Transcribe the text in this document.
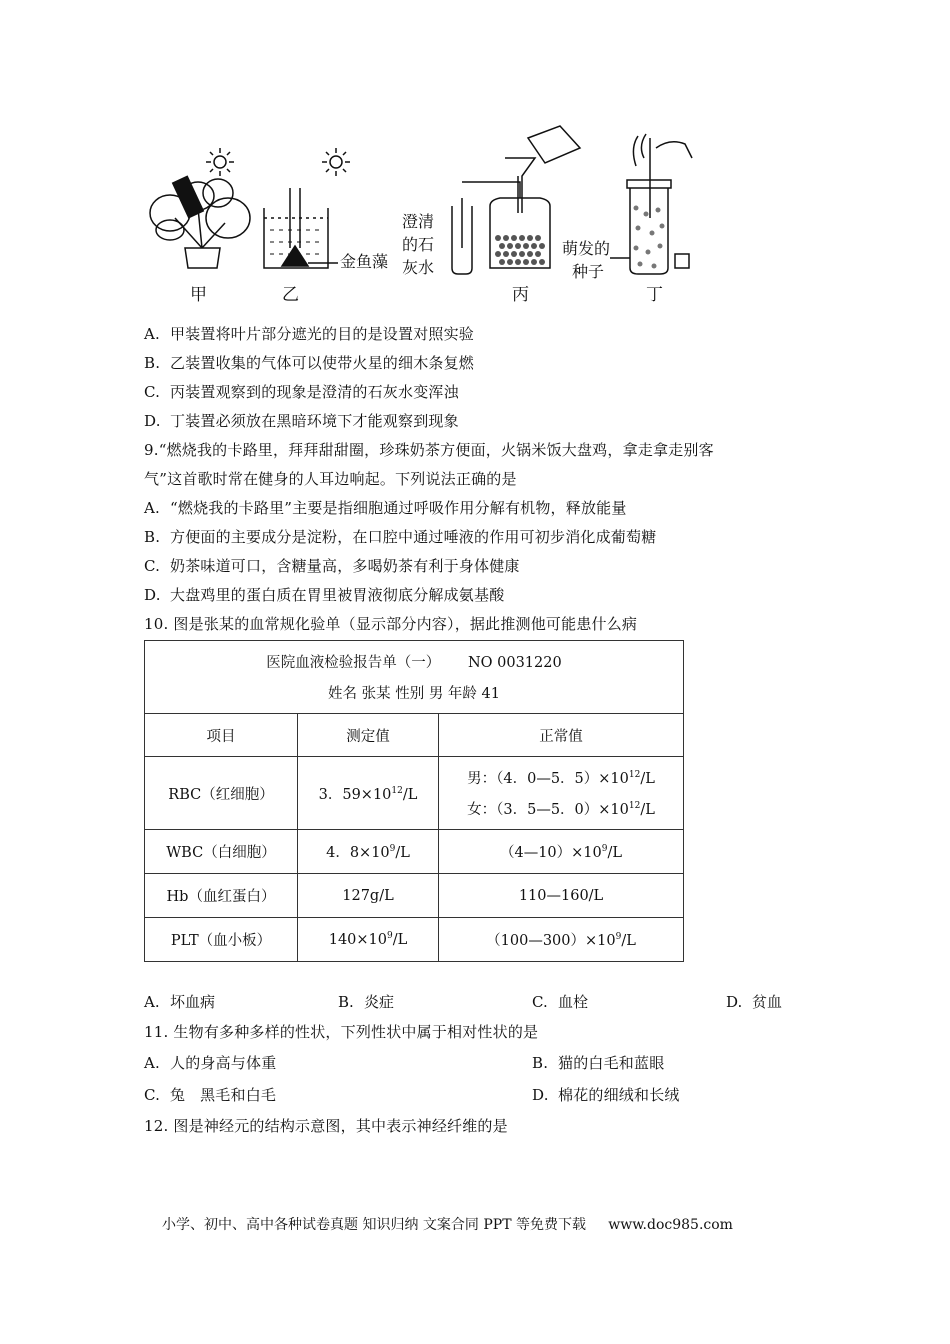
甲	乙	丙	丁
金鱼藻
澄清
的石
灰水
萌发的
种子
A. 甲装置将叶片部分遮光的目的是设置对照实验
B. 乙装置收集的气体可以使带火星的细木条复燃
C. 丙装置观察到的现象是澄清的石灰水变浑浊
D. 丁装置必须放在黑暗环境下才能观察到现象
9.“燃烧我的卡路里，拜拜甜甜圈，珍珠奶茶方便面，火锅米饭大盘鸡，拿走拿走别客
气”这首歌时常在健身的人耳边响起。下列说法正确的是
A. “燃烧我的卡路里”主要是指细胞通过呼吸作用分解有机物，释放能量
B. 方便面的主要成分是淀粉，在口腔中通过唾液的作用可初步消化成葡萄糖
C. 奶茶味道可口，含糖量高，多喝奶茶有利于身体健康
D. 大盘鸡里的蛋白质在胃里被胃液彻底分解成氨基酸
10. 图是张某的血常规化验单（显示部分内容），据此推测他可能患什么病
医院血液检验报告单（一） NO 0031220
姓名 张某 性别 男 年龄 41		

项目	测定值	正常值
RBC（红细胞）	3．$59\times 10^{12}/L$	男：（4．0—5．$5)\times 10^{12}/L$
女：（3．5—5．$0)\times 10^{12}/L$

WBC（白细胞）	4．$8\times 10^9/L$	$(4—10)\times 10^9/L$
Hb（血红蛋白）	127g/L	110—160/L
PLT（血小板）	$140\times 10^9/L$	$(100—300)\times 10^9/L$
A. 坏血病	B. 炎症	C. 血栓	D. 贫血
11. 生物有多种多样的性状，下列性状中属于相对性状的是
A. 人的身高与体重	B. 猫的白毛和蓝眼
C. 兔   黑毛和白毛	D. 棉花的细绒和长绒
12. 图是神经元的结构示意图，其中表示神经纤维的是
小学、初中、高中各种试卷真题 知识归纳 文案合同 PPT 等免费下载 www.doc985.com
